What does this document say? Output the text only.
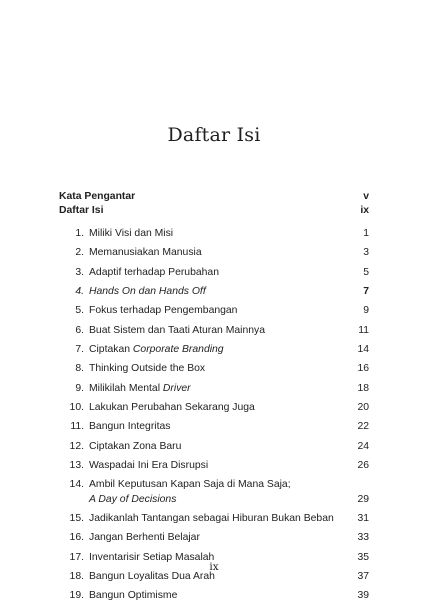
Daftar Isi
Kata Pengantar	v
Daftar Isi	ix
1. Miliki Visi dan Misi	1
2. Memanusiakan Manusia	3
3. Adaptif terhadap Perubahan	5
4. Hands On dan Hands Off	7
5. Fokus terhadap Pengembangan	9
6. Buat Sistem dan Taati Aturan Mainnya	11
7. Ciptakan Corporate Branding	14
8. Thinking Outside the Box	16
9. Milikilah Mental Driver	18
10. Lakukan Perubahan Sekarang Juga	20
11. Bangun Integritas	22
12. Ciptakan Zona Baru	24
13. Waspadai Ini Era Disrupsi	26
14. Ambil Keputusan Kapan Saja di Mana Saja;
A Day of Decisions	29
15. Jadikanlah Tantangan sebagai Hiburan Bukan Beban	31
16. Jangan Berhenti Belajar	33
17. Inventarisir Setiap Masalah	35
18. Bangun Loyalitas Dua Arah	37
19. Bangun Optimisme	39
ix
